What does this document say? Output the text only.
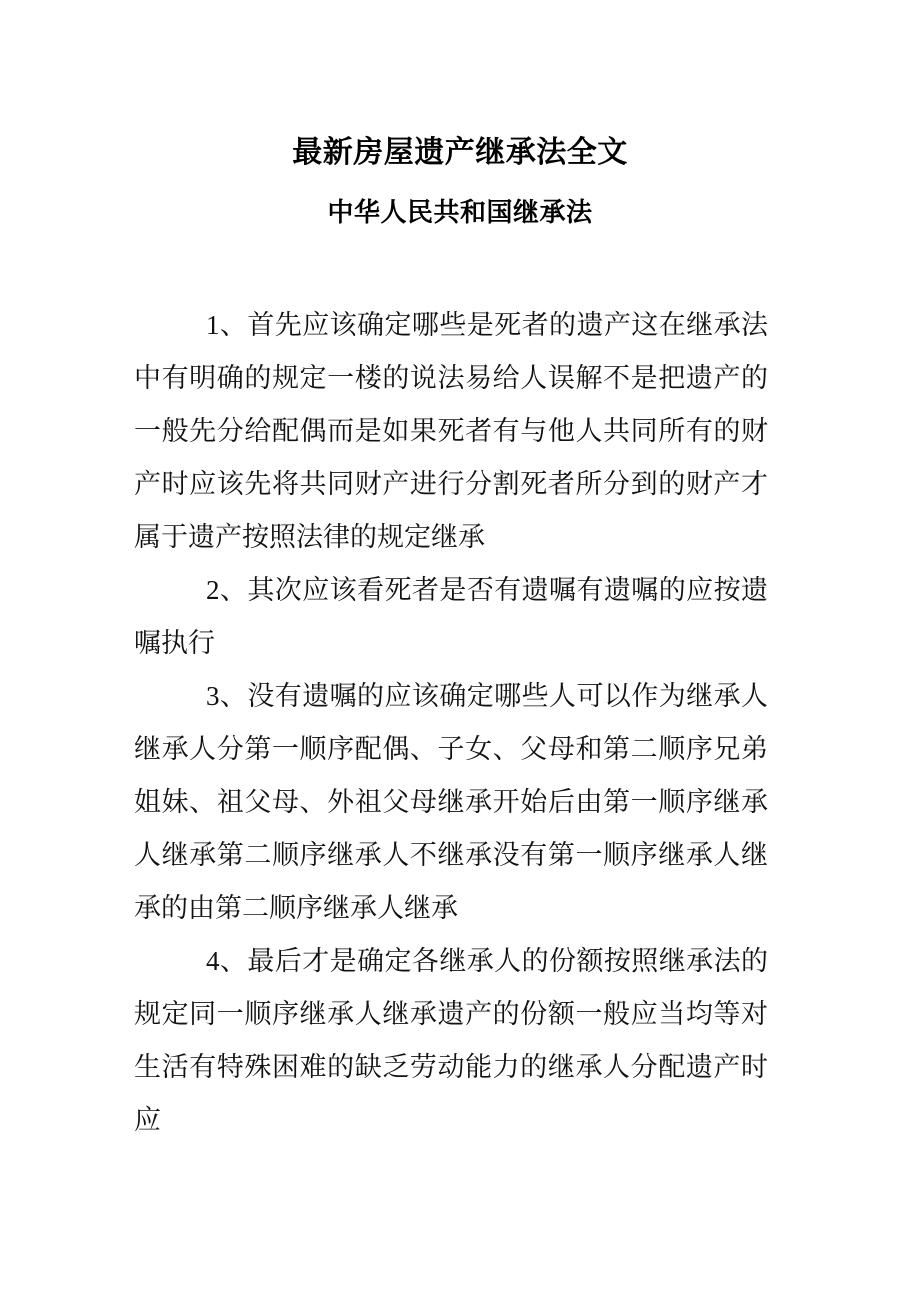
最新房屋遗产继承法全文
中华人民共和国继承法

1、首先应该确定哪些是死者的遗产这在继承法中有明确的规定一楼的说法易给人误解不是把遗产的一般先分给配偶而是如果死者有与他人共同所有的财产时应该先将共同财产进行分割死者所分到的财产才属于遗产按照法律的规定继承

2、其次应该看死者是否有遗嘱有遗嘱的应按遗嘱执行

3、没有遗嘱的应该确定哪些人可以作为继承人继承人分第一顺序配偶、子女、父母和第二顺序兄弟姐妹、祖父母、外祖父母继承开始后由第一顺序继承人继承第二顺序继承人不继承没有第一顺序继承人继承的由第二顺序继承人继承

4、最后才是确定各继承人的份额按照继承法的规定同一顺序继承人继承遗产的份额一般应当均等对生活有特殊困难的缺乏劳动能力的继承人分配遗产时应
